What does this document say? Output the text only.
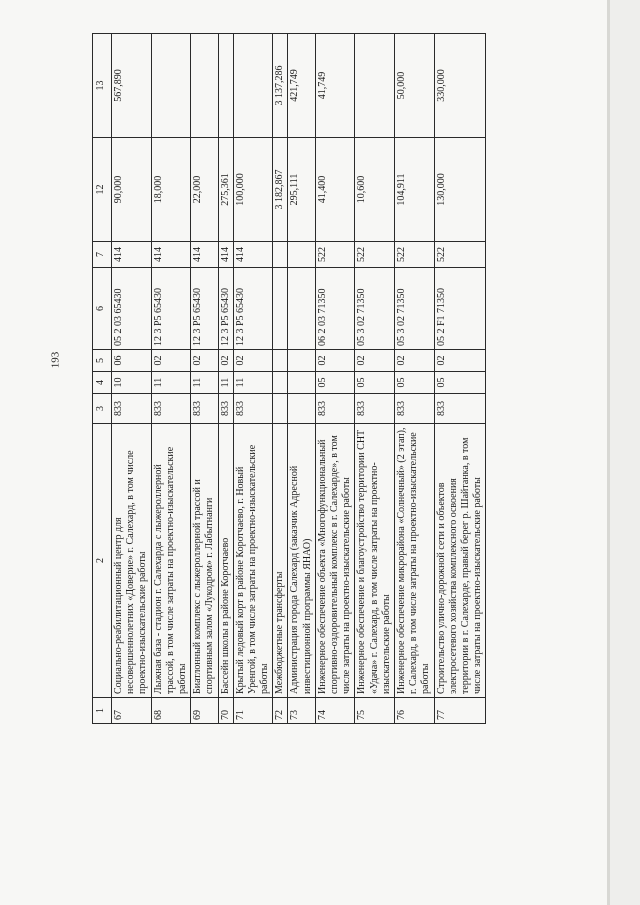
193
1	2	3	4	5	6	7	12	13
67	Социально-реабилитационный центр для несовершеннолетних «Доверие» г. Салехард, в том числе проектно-изыскательские работы	833	10	06	05 2 03 65430	414	90,000	567,890
68	Лыжная база - стадион г. Салехарда с лыжероллерной трассой, в том числе затраты на проектно-изыскательские работы	833	11	02	12 3 P5 65430	414	18,000	
69	Биатлонный комплекс с лыжероллерной трассой и спортивным залом «Лукодром» г. Лабытнанги	833	11	02	12 3 P5 65430	414	22,000	
70	Бассейн школы в районе Коротчаево	833	11	02	12 3 P5 65430	414	275,361	
71	Крытый ледовый корт в районе Коротчаево, г. Новый Уренгой, в том числе затраты на проектно-изыскательские работы	833	11	02	12 3 P5 65430	414	100,000	
72	Межбюджетные трансферты						3 182,867	3 137,286
73	Администрация города Салехард (заказчик Адресной инвестиционной программы ЯНАО)						295,111	421,749
74	Инженерное обеспечение объекта «Многофункциональный спортивно-оздоровительный комплекс в г. Салехарде», в том числе затраты на проектно-изыскательские работы	833	05	02	06 2 03 71350	522	41,400	41,749
75	Инженерное обеспечение и благоустройство территории СНТ «Удача» г. Салехард, в том числе затраты на проектно-изыскательские работы	833	05	02	05 3 02 71350	522	10,600	
76	Инженерное обеспечение микрорайона «Солнечный» (2 этап), г. Салехард, в том числе затраты на проектно-изыскательские работы	833	05	02	05 3 02 71350	522	104,911	50,000
77	Строительство улично-дорожной сети и объектов электросетевого хозяйства комплексного освоения территории в г. Салехарде, правый берег р. Шайтанка, в том числе затраты на проектно-изыскательские работы	833	05	02	05 2 F1 71350	522	130,000	330,000
